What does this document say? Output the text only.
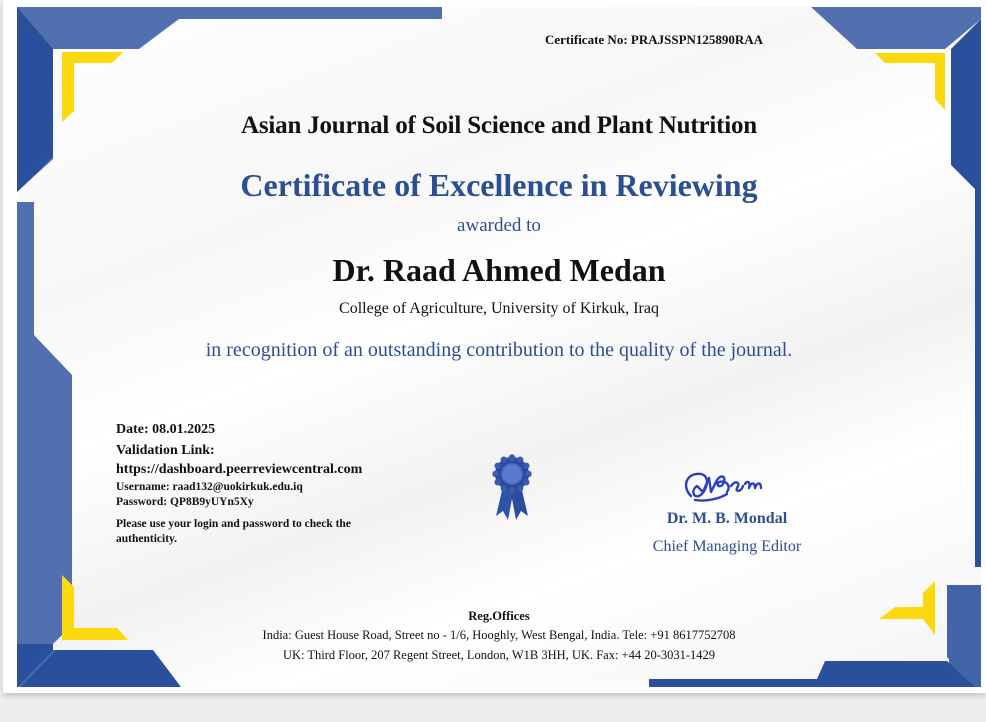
Certificate No: PRAJSSPN125890RAA
Asian Journal of Soil Science and Plant Nutrition
Certificate of Excellence in Reviewing
awarded to
Dr. Raad Ahmed Medan
College of Agriculture, University of Kirkuk, Iraq
in recognition of an outstanding contribution to the quality of the journal.
Date: 08.01.2025
Validation Link:
https://dashboard.peerreviewcentral.com
Username: raad132@uokirkuk.edu.iq
Password: QP8B9yUYn5Xy
Please use your login and password to check the
authenticity.
Dr. M. B. Mondal
Chief Managing Editor
Reg.Offices
India: Guest House Road, Street no - 1/6, Hooghly, West Bengal, India. Tele: +91 8617752708
UK: Third Floor, 207 Regent Street, London, W1B 3HH, UK. Fax: +44 20-3031-1429
